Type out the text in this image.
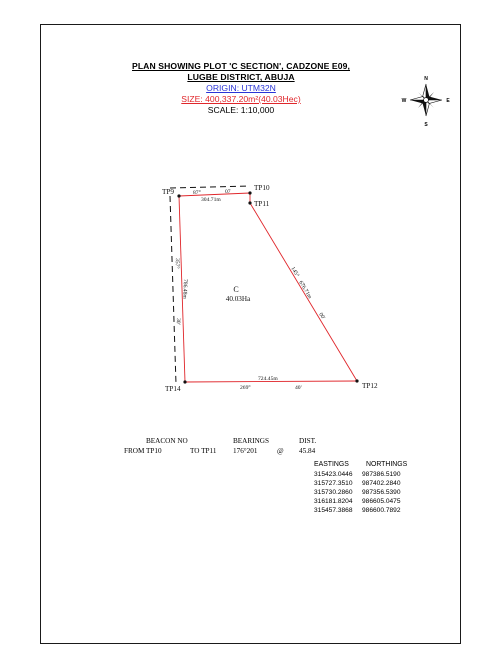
PLAN SHOWING PLOT 'C SECTION', CADZONE E09,
LUGBE DISTRICT, ABUJA
ORIGIN: UTM32N
SIZE: 400,337.20m²(40.03Hec)
SCALE: 1:10,000
N
S
E
W
TP9	TP10
TP11
TP12
TP14
87°	07
304.71m
724.45m
269°	40'
145°
676.71m
00'
357°
786.48m
30'
C
40.03Ha
BEACON NO	BEARINGS	DIST.
FROM TP10	TO TP11 176°201	@ 45.84
EASTINGS NORTHINGS
315423.0446 987386.5190
315727.3510 987402.2840
315730.2860 987356.5390
316181.8204 986605.0475
315457.3868 986600.7892
